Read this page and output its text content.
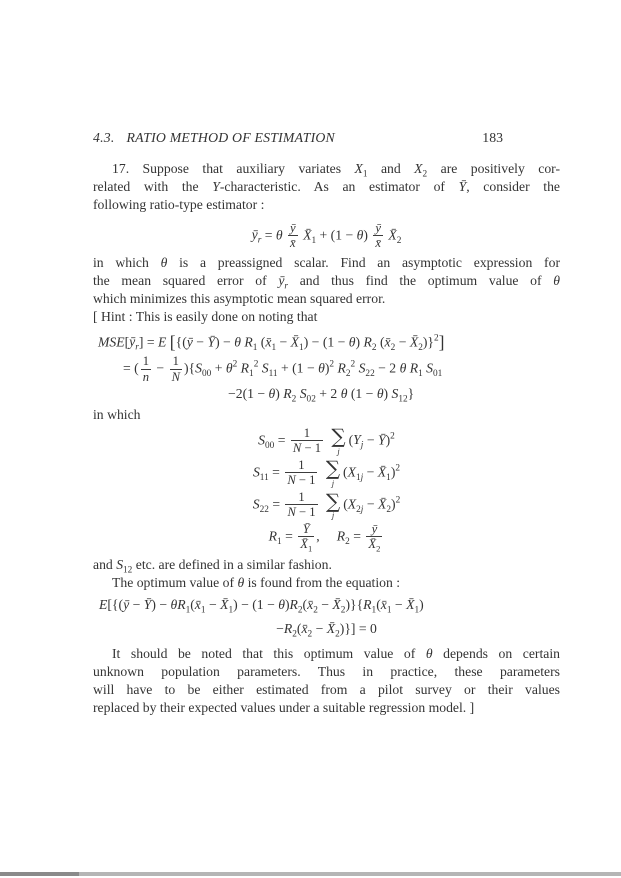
4.3. RATIO METHOD OF ESTIMATION	183
17. Suppose that auxiliary variates $X_1$ and $X_2$ are positively cor-
related with the Y-characteristic. As an estimator of Ȳ, consider the
following ratio-type estimator :
$ȳ_r = \theta \frac{ȳ}{x̄}$ $X̄_1 + (1 - \theta) \frac{ȳ}{x̄}$ $X̄_2$
in which θ is a preassigned scalar. Find an asymptotic expression for
the mean squared error of $ȳ_r$ and thus find the optimum value of θ
which minimizes this asymptotic mean squared error.
[ Hint : This is easily done on noting that
$MSE[ȳ_r] = E$ [{(ȳ − Ȳ) − θ $R_1$ ($x̄_1$ − $X̄_1) - (1 - \theta)$ $R_2$ ($x̄_2$ − $X̄_2)\}^2$]
= ( $\frac{1}{n} - \frac{1}{N} )\{S_{00} + \theta^2$ $R_1^2$ $S_{11} + (1 - \theta)^2$ $R_2^2$ $S_{22} - 2$ θ $R_1$ $S_{01}$
−2(1 − θ) $R_2$ $S_{02} + 2$ θ (1 − θ) $S_{12}$}
in which
$S_{00} = \frac{1}{N - 1}$
∑
j
($Y_j$ − Ȳ)$^2$
$S_{11} = \frac{1}{N - 1}$
∑
j
($X_{1j}$ − $X̄_1)^2$
$S_{22} = \frac{1}{N - 1}$
∑
j
($X_{2j}$ − $X̄_2)^2$
$R_1 = \frac{Ȳ}{X̄_1}$ ,  $R_2 = \frac{ȳ}{X̄_2}$
and $S_{12}$ etc. are defined in a similar fashion.
The optimum value of θ is found from the equation :
E[{(ȳ − Ȳ) − $\theta R_1(x̄_1$ − $X̄_1) - (1$ − $\theta)R_2(x̄_2$ − $X̄_2)\}\{R_1(x̄_1$ − $X̄_1$)
$-R_2(x̄_2$ − $X̄_2)\}] = 0$
It should be noted that this optimum value of θ depends on certain
unknown population parameters. Thus in practice, these parameters
will have to be either estimated from a pilot survey or their values
replaced by their expected values under a suitable regression model. ]
